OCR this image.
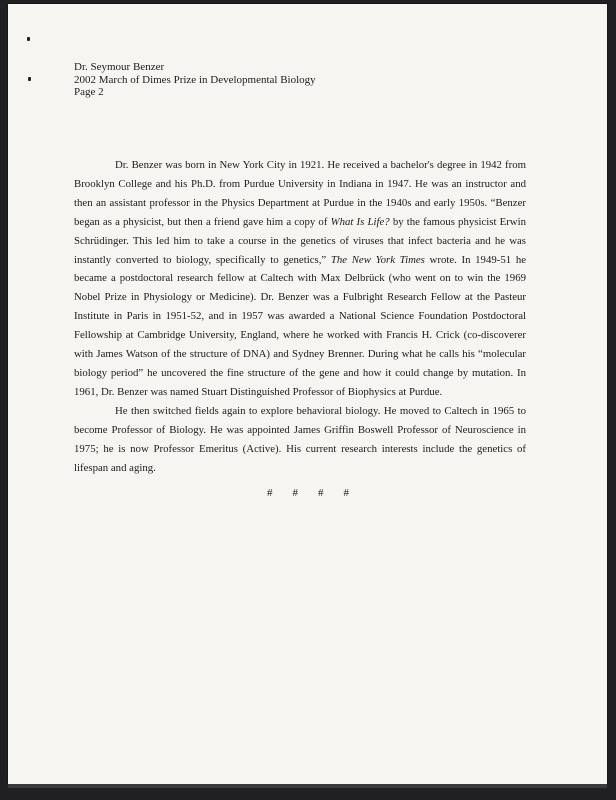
Dr. Seymour Benzer
2002 March of Dimes Prize in Developmental Biology
Page 2

Dr. Benzer was born in New York City in 1921. He received a bachelor's degree in 1942 from Brooklyn College and his Ph.D. from Purdue University in Indiana in 1947. He was an instructor and then an assistant professor in the Physics Department at Purdue in the 1940s and early 1950s. “Benzer began as a physicist, but then a friend gave him a copy of What Is Life? by the famous physicist Erwin Schrüdinger. This led him to take a course in the genetics of viruses that infect bacteria and he was instantly converted to biology, specifically to genetics,” The New York Times wrote. In 1949-51 he became a postdoctoral research fellow at Caltech with Max Delbrück (who went on to win the 1969 Nobel Prize in Physiology or Medicine). Dr. Benzer was a Fulbright Research Fellow at the Pasteur Institute in Paris in 1951-52, and in 1957 was awarded a National Science Foundation Postdoctoral Fellowship at Cambridge University, England, where he worked with Francis H. Crick (co-discoverer with James Watson of the structure of DNA) and Sydney Brenner. During what he calls his “molecular biology period” he uncovered the fine structure of the gene and how it could change by mutation. In 1961, Dr. Benzer was named Stuart Distinguished Professor of Biophysics at Purdue.

He then switched fields again to explore behavioral biology. He moved to Caltech in 1965 to become Professor of Biology. He was appointed James Griffin Boswell Professor of Neuroscience in 1975; he is now Professor Emeritus (Active). His current research interests include the genetics of lifespan and aging.

# # # #
